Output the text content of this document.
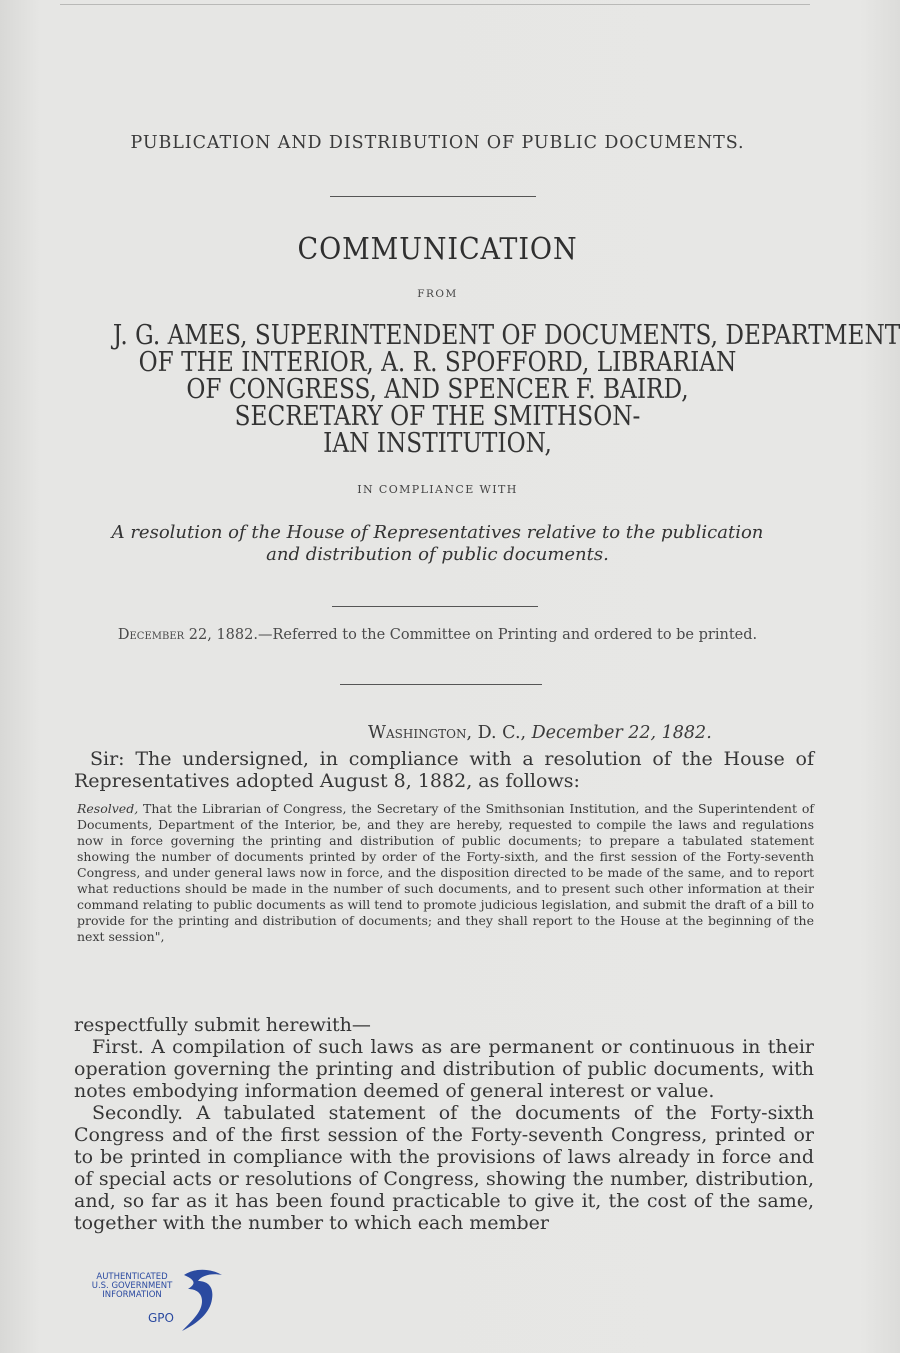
PUBLICATION AND DISTRIBUTION OF PUBLIC DOCUMENTS.
COMMUNICATION
FROM
J. G. AMES, SUPERINTENDENT OF DOCUMENTS, DEPARTMENT
OF THE INTERIOR, A. R. SPOFFORD, LIBRARIAN
OF CONGRESS, AND SPENCER F. BAIRD,
SECRETARY OF THE SMITHSON-
IAN INSTITUTION,
IN COMPLIANCE WITH
A resolution of the House of Representatives relative to the publication
and distribution of public documents.
December 22, 1882.—Referred to the Committee on Printing and ordered to be printed.
Washington, D. C., December 22, 1882.
Sir: The undersigned, in compliance with a resolution of the House of Representatives adopted August 8, 1882, as follows:
Resolved, That the Librarian of Congress, the Secretary of the Smithsonian Institution, and the Superintendent of Documents, Department of the Interior, be, and they are hereby, requested to compile the laws and regulations now in force governing the printing and distribution of public documents; to prepare a tabulated statement showing the number of documents printed by order of the Forty-sixth, and the first session of the Forty-seventh Congress, and under general laws now in force, and the disposition directed to be made of the same, and to report what reductions should be made in the number of such documents, and to present such other information at their command relating to public documents as will tend to promote judicious legislation, and submit the draft of a bill to provide for the printing and distribution of documents; and they shall report to the House at the beginning of the next session",

respectfully submit herewith—

First. A compilation of such laws as are permanent or continuous in their operation governing the printing and distribution of public documents, with notes embodying information deemed of general interest or value.

Secondly. A tabulated statement of the documents of the Forty-sixth Congress and of the first session of the Forty-seventh Congress, printed or to be printed in compliance with the provisions of laws already in force and of special acts or resolutions of Congress, showing the number, distribution, and, so far as it has been found practicable to give it, the cost of the same, together with the number to which each member

AUTHENTICATED
U.S. GOVERNMENT
INFORMATION
GPO
